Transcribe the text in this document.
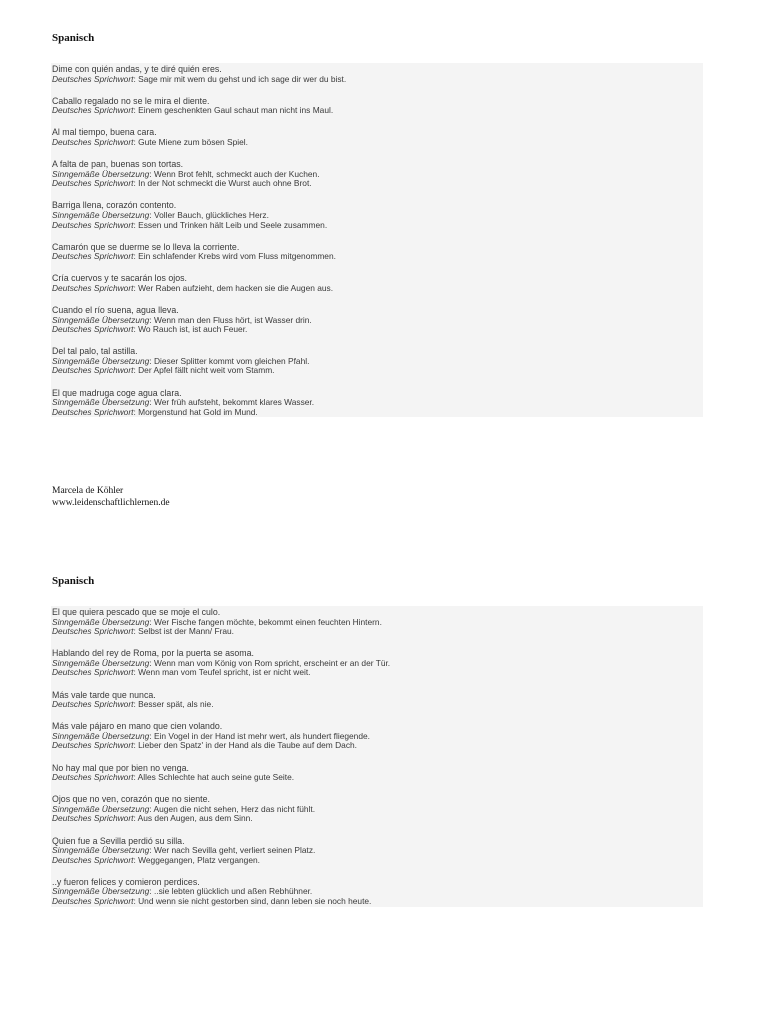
Spanisch
Dime con quién andas, y te diré quién eres.
Deutsches Sprichwort: Sage mir mit wem du gehst und ich sage dir wer du bist.
Caballo regalado no se le mira el diente.
Deutsches Sprichwort: Einem geschenkten Gaul schaut man nicht ins Maul.
Al mal tiempo, buena cara.
Deutsches Sprichwort: Gute Miene zum bösen Spiel.
A falta de pan, buenas son tortas.
Sinngemäße Übersetzung: Wenn Brot fehlt, schmeckt auch der Kuchen.
Deutsches Sprichwort: In der Not schmeckt die Wurst auch ohne Brot.
Barriga llena, corazón contento.
Sinngemäße Übersetzung: Voller Bauch, glückliches Herz.
Deutsches Sprichwort: Essen und Trinken hält Leib und Seele zusammen.
Camarón que se duerme se lo lleva la corriente.
Deutsches Sprichwort: Ein schlafender Krebs wird vom Fluss mitgenommen.
Cría cuervos y te sacarán los ojos.
Deutsches Sprichwort: Wer Raben aufzieht, dem hacken sie die Augen aus.
Cuando el río suena, agua lleva.
Sinngemäße Übersetzung: Wenn man den Fluss hört, ist Wasser drin.
Deutsches Sprichwort: Wo Rauch ist, ist auch Feuer.
Del tal palo, tal astilla.
Sinngemäße Übersetzung: Dieser Splitter kommt vom gleichen Pfahl.
Deutsches Sprichwort: Der Apfel fällt nicht weit vom Stamm.
El que madruga coge agua clara.
Sinngemäße Übersetzung: Wer früh aufsteht, bekommt klares Wasser.
Deutsches Sprichwort: Morgenstund hat Gold im Mund.
Marcela de Köhler
www.leidenschaftlichlernen.de
Spanisch
El que quiera pescado que se moje el culo.
Sinngemäße Übersetzung: Wer Fische fangen möchte, bekommt einen feuchten Hintern.
Deutsches Sprichwort: Selbst ist der Mann/ Frau.
Hablando del rey de Roma, por la puerta se asoma.
Sinngemäße Übersetzung: Wenn man vom König von Rom spricht, erscheint er an der Tür.
Deutsches Sprichwort: Wenn man vom Teufel spricht, ist er nicht weit.
Más vale tarde que nunca.
Deutsches Sprichwort: Besser spät, als nie.
Más vale pájaro en mano que cien volando.
Sinngemäße Übersetzung: Ein Vogel in der Hand ist mehr wert, als hundert fliegende.
Deutsches Sprichwort: Lieber den Spatz' in der Hand als die Taube auf dem Dach.
No hay mal que por bien no venga.
Deutsches Sprichwort: Alles Schlechte hat auch seine gute Seite.
Ojos que no ven, corazón que no siente.
Sinngemäße Übersetzung: Augen die nicht sehen, Herz das nicht fühlt.
Deutsches Sprichwort: Aus den Augen, aus dem Sinn.
Quien fue a Sevilla perdió su silla.
Sinngemäße Übersetzung: Wer nach Sevilla geht, verliert seinen Platz.
Deutsches Sprichwort: Weggegangen, Platz vergangen.
..y fueron felices y comieron perdices.
Sinngemäße Übersetzung: ..sie lebten glücklich und aßen Rebhühner.
Deutsches Sprichwort: Und wenn sie nicht gestorben sind, dann leben sie noch heute.
